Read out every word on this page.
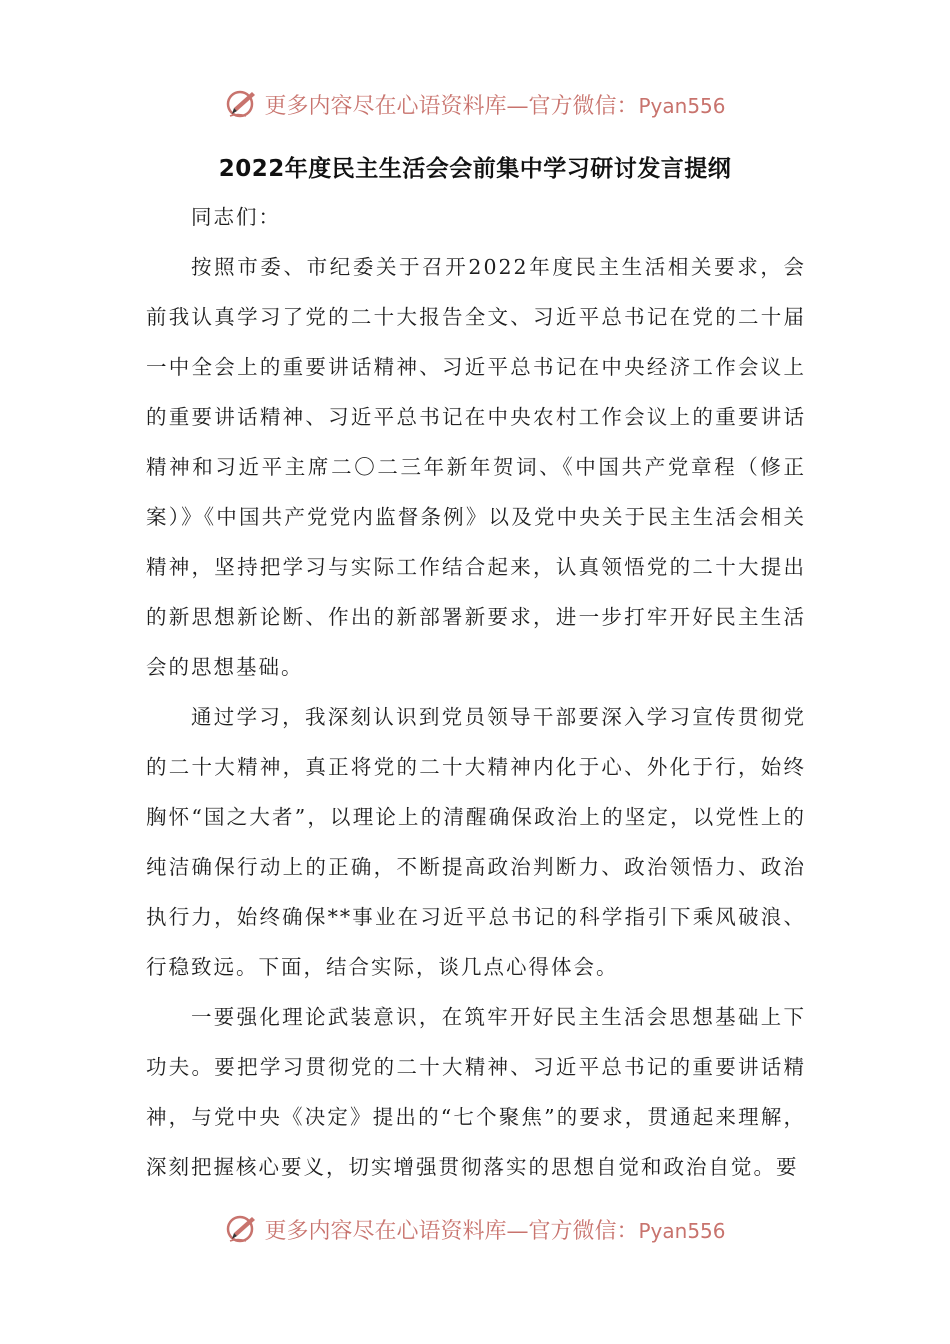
更多内容尽在心语资料库—官方微信：Pyan556
2022年度民主生活会会前集中学习研讨发言提纲

同志们：

按照市委、市纪委关于召开2022年度民主生活相关要求，会前我认真学习了党的二十大报告全文、习近平总书记在党的二十届一中全会上的重要讲话精神、习近平总书记在中央经济工作会议上的重要讲话精神、习近平总书记在中央农村工作会议上的重要讲话精神和习近平主席二〇二三年新年贺词、《中国共产党章程（修正案）》《中国共产党党内监督条例》以及党中央关于民主生活会相关精神，坚持把学习与实际工作结合起来，认真领悟党的二十大提出的新思想新论断、作出的新部署新要求，进一步打牢开好民主生活会的思想基础。

通过学习，我深刻认识到党员领导干部要深入学习宣传贯彻党的二十大精神，真正将党的二十大精神内化于心、外化于行，始终胸怀“国之大者”，以理论上的清醒确保政治上的坚定，以党性上的纯洁确保行动上的正确，不断提高政治判断力、政治领悟力、政治执行力，始终确保**事业在习近平总书记的科学指引下乘风破浪、行稳致远。下面，结合实际，谈几点心得体会。

一要强化理论武装意识，在筑牢开好民主生活会思想基础上下功夫。要把学习贯彻党的二十大精神、习近平总书记的重要讲话精神，与党中央《决定》提出的“七个聚焦”的要求，贯通起来理解，深刻把握核心要义，切实增强贯彻落实的思想自觉和政治自觉。要

更多内容尽在心语资料库—官方微信：Pyan556
